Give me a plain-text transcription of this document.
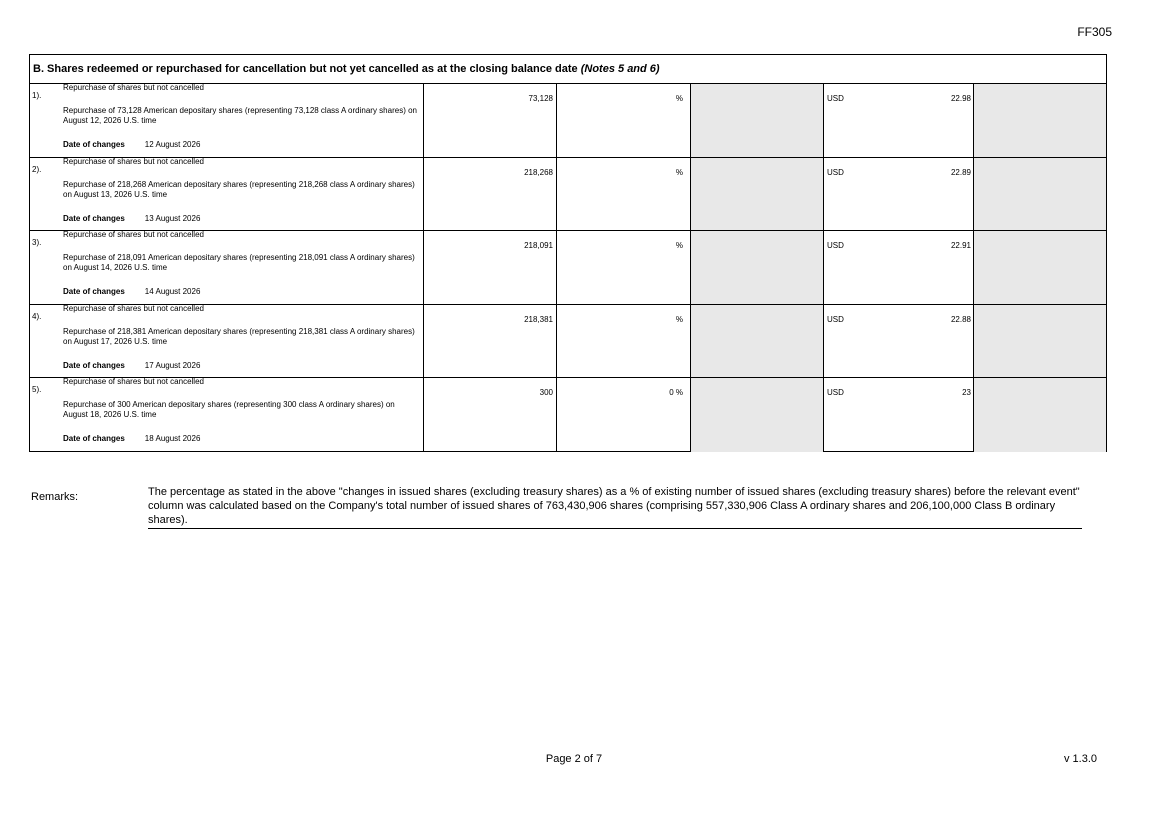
FF305
B. Shares redeemed or repurchased for cancellation but not yet cancelled as at the closing balance date (Notes 5 and 6)
1).
Repurchase of shares but not cancelled
Repurchase of 73,128 American depositary shares (representing 73,128 class A ordinary shares) on August 12, 2026 U.S. time
Date of changes	12 August 2026
73,128	%	USD	22.98
2).
Repurchase of shares but not cancelled
Repurchase of 218,268 American depositary shares (representing 218,268 class A ordinary shares) on August 13, 2026 U.S. time
Date of changes	13 August 2026
218,268	%	USD	22.89
3).
Repurchase of shares but not cancelled
Repurchase of 218,091 American depositary shares (representing 218,091 class A ordinary shares) on August 14, 2026 U.S. time
Date of changes	14 August 2026
218,091	%	USD	22.91
4).
Repurchase of shares but not cancelled
Repurchase of 218,381 American depositary shares (representing 218,381 class A ordinary shares) on August 17, 2026 U.S. time
Date of changes	17 August 2026
218,381	%	USD	22.88
5).
Repurchase of shares but not cancelled
Repurchase of 300 American depositary shares (representing 300 class A ordinary shares) on August 18, 2026 U.S. time
Date of changes	18 August 2026
300	0 %	USD	23
Remarks:	The percentage as stated in the above "changes in issued shares (excluding treasury shares) as a % of existing number of issued shares (excluding treasury shares) before the relevant event" column was calculated based on the Company's total number of issued shares of 763,430,906 shares (comprising 557,330,906 Class A ordinary shares and 206,100,000 Class B ordinary shares).
Page 2 of 7	v 1.3.0
